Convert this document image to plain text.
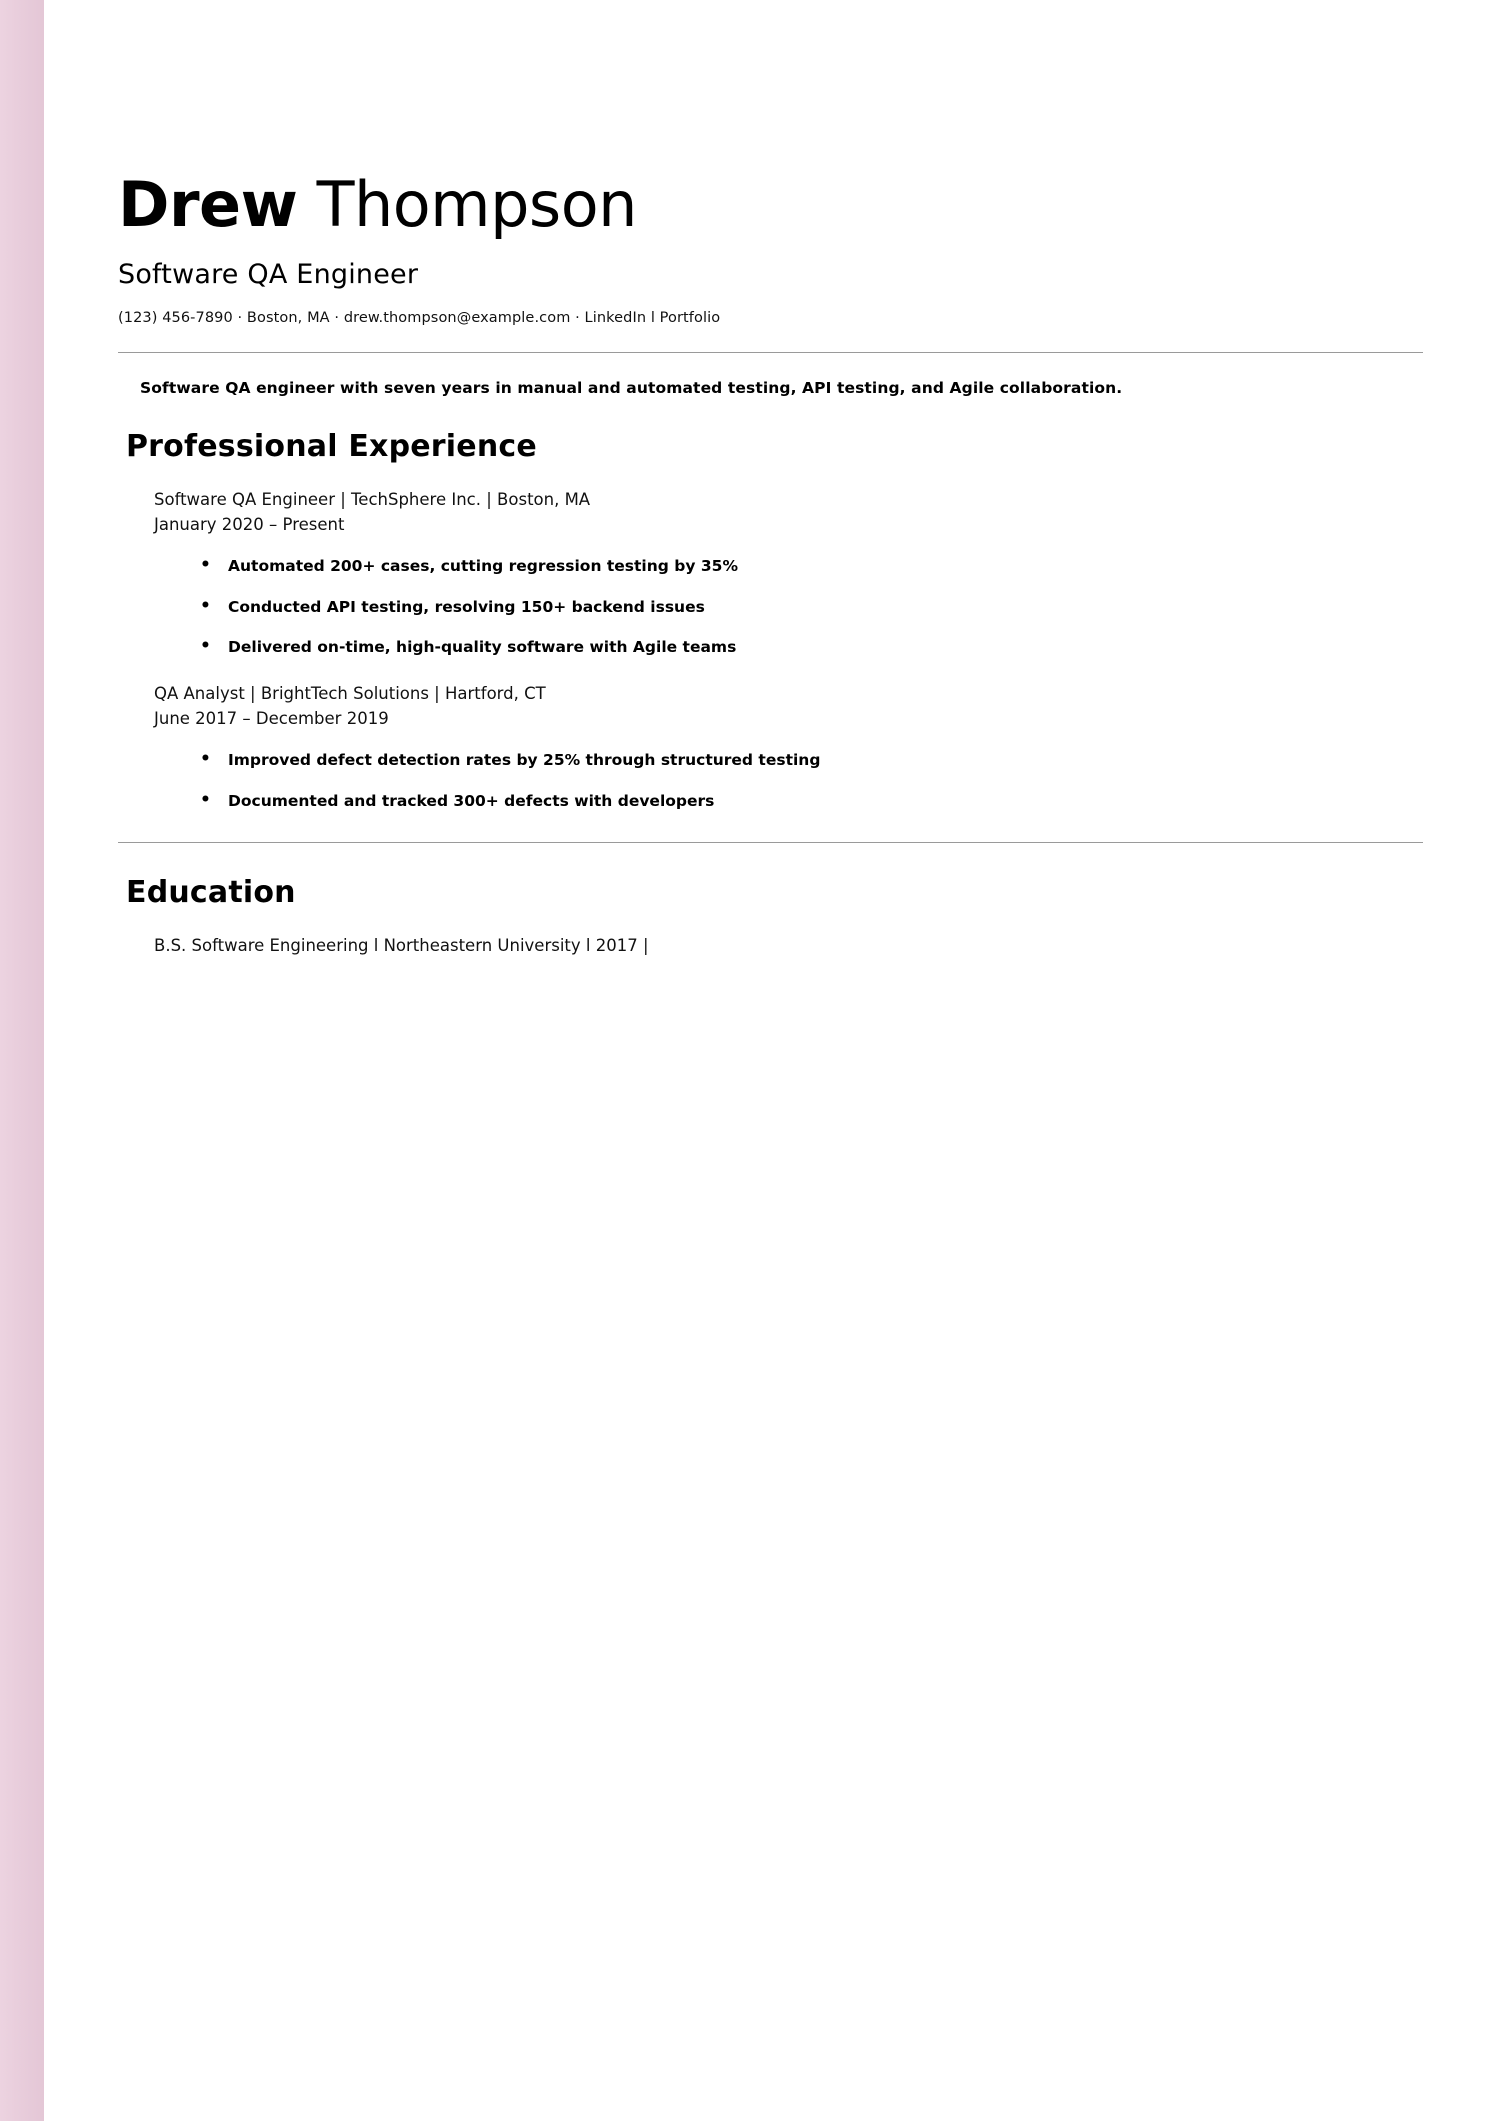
Drew Thompson
Software QA Engineer
(123) 456-7890 · Boston, MA · drew.thompson@example.com · LinkedIn l Portfolio
Software QA engineer with seven years in manual and automated testing, API testing, and Agile collaboration.
Professional Experience
Software QA Engineer | TechSphere Inc. | Boston, MA
January 2020 – Present
• Automated 200+ cases, cutting regression testing by 35%
• Conducted API testing, resolving 150+ backend issues
• Delivered on-time, high-quality software with Agile teams
QA Analyst | BrightTech Solutions | Hartford, CT
June 2017 – December 2019
• Improved defect detection rates by 25% through structured testing
• Documented and tracked 300+ defects with developers
Education
B.S. Software Engineering l Northeastern University l 2017 |
